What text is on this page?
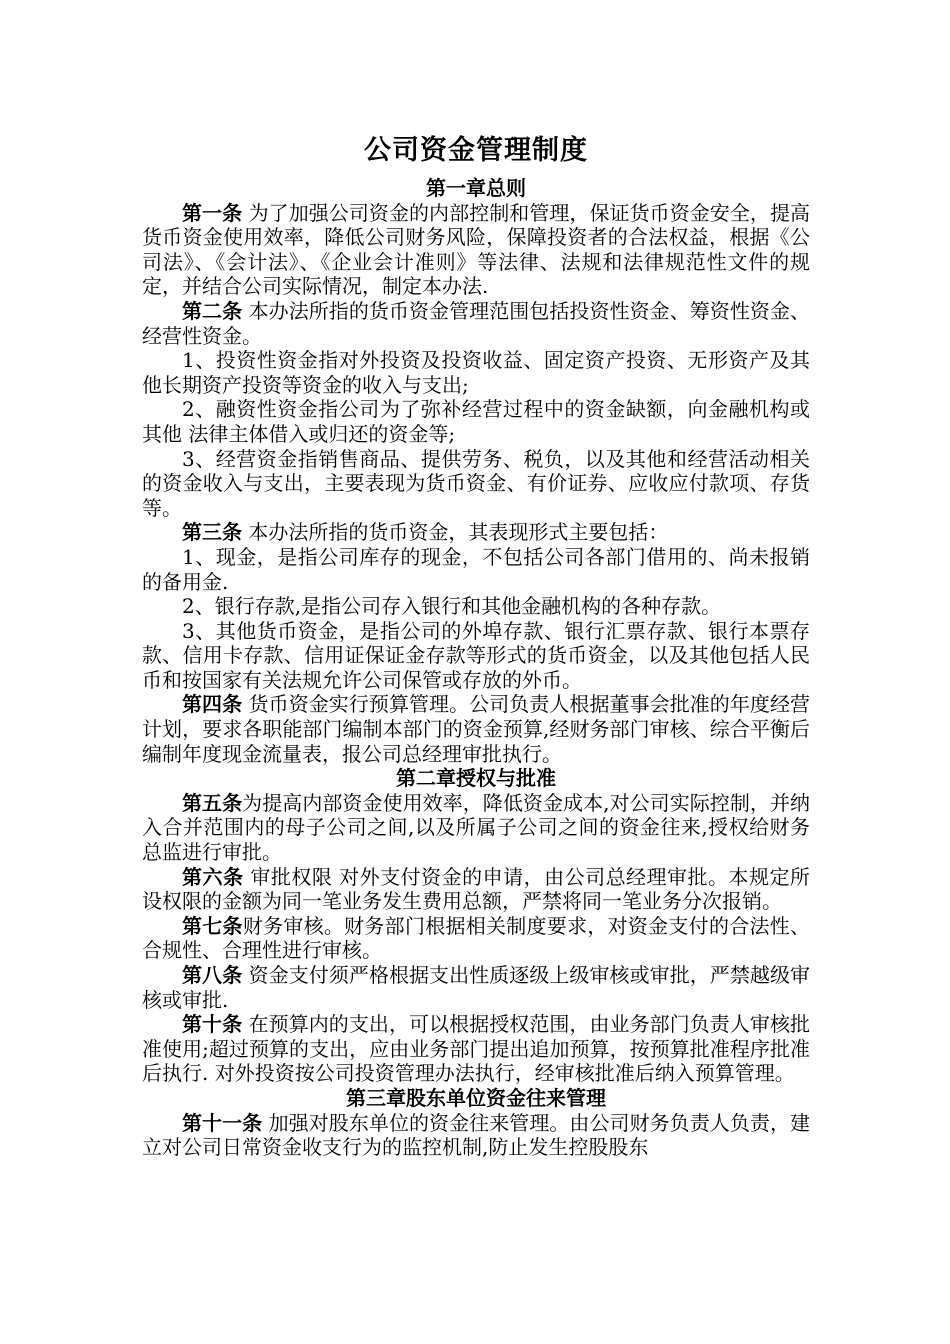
公司资金管理制度
第一章总则

第一条 为了加强公司资金的内部控制和管理，保证货币资金安全，提高货币资金使用效率，降低公司财务风险，保障投资者的合法权益，根据《公司法》、《会计法》、《企业会计准则》等法律、法规和法律规范性文件的规定，并结合公司实际情况，制定本办法.

第二条 本办法所指的货币资金管理范围包括投资性资金、筹资性资金、经营性资金。

1、投资性资金指对外投资及投资收益、固定资产投资、无形资产及其他长期资产投资等资金的收入与支出;

2、融资性资金指公司为了弥补经营过程中的资金缺额，向金融机构或其他 法律主体借入或归还的资金等;

3、经营资金指销售商品、提供劳务、税负，以及其他和经营活动相关的资金收入与支出，主要表现为货币资金、有价证券、应收应付款项、存货等。

第三条 本办法所指的货币资金，其表现形式主要包括：

1、现金，是指公司库存的现金，不包括公司各部门借用的、尚未报销的备用金.

2、银行存款,是指公司存入银行和其他金融机构的各种存款。

3、其他货币资金，是指公司的外埠存款、银行汇票存款、银行本票存款、信用卡存款、信用证保证金存款等形式的货币资金，以及其他包括人民币和按国家有关法规允许公司保管或存放的外币。

第四条 货币资金实行预算管理。公司负责人根据董事会批准的年度经营计划，要求各职能部门编制本部门的资金预算,经财务部门审核、综合平衡后编制年度现金流量表，报公司总经理审批执行。

第二章授权与批准

第五条为提高内部资金使用效率，降低资金成本,对公司实际控制，并纳入合并范围内的母子公司之间,以及所属子公司之间的资金往来,授权给财务总监进行审批。

第六条 审批权限 对外支付资金的申请，由公司总经理审批。本规定所设权限的金额为同一笔业务发生费用总额，严禁将同一笔业务分次报销。

第七条财务审核。财务部门根据相关制度要求，对资金支付的合法性、合规性、合理性进行审核。

第八条 资金支付须严格根据支出性质逐级上级审核或审批，严禁越级审核或审批.

第十条 在预算内的支出，可以根据授权范围，由业务部门负责人审核批准使用;超过预算的支出，应由业务部门提出追加预算，按预算批准程序批准后执行. 对外投资按公司投资管理办法执行，经审核批准后纳入预算管理。

第三章股东单位资金往来管理

第十一条 加强对股东单位的资金往来管理。由公司财务负责人负责，建立对公司日常资金收支行为的监控机制,防止发生控股股东
